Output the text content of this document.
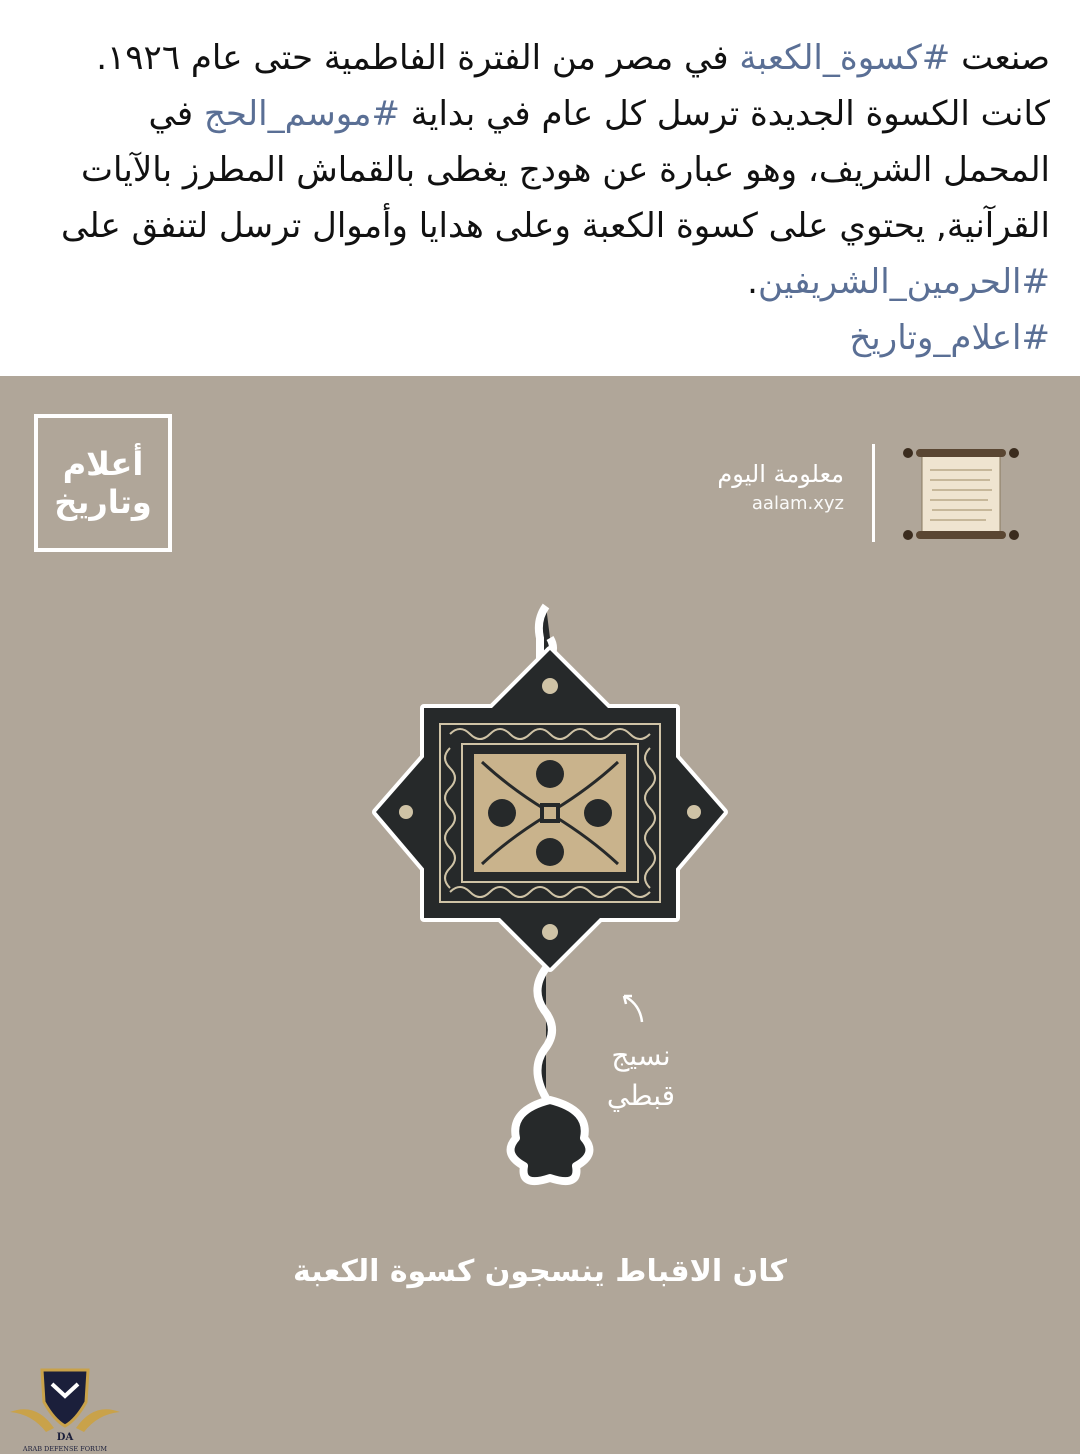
صنعت #كسوة_الكعبة في مصر من الفترة الفاطمية حتى عام ١٩٢٦. كانت الكسوة الجديدة ترسل كل عام في بداية #موسم_الحج في المحمل الشريف، وهو عبارة عن هودج يغطى بالقماش المطرز بالآيات القرآنية, يحتوي على كسوة الكعبة وعلى هدايا وأموال ترسل لتنفق على #الحرمين_الشريفين.
#اعلام_وتاريخ
أعلام
وتاريخ
معلومة اليوم
aalam.xyz
نسيج
قبطي
كان الاقباط ينسجون كسوة الكعبة
DA
ARAB DEFENSE FORUM
